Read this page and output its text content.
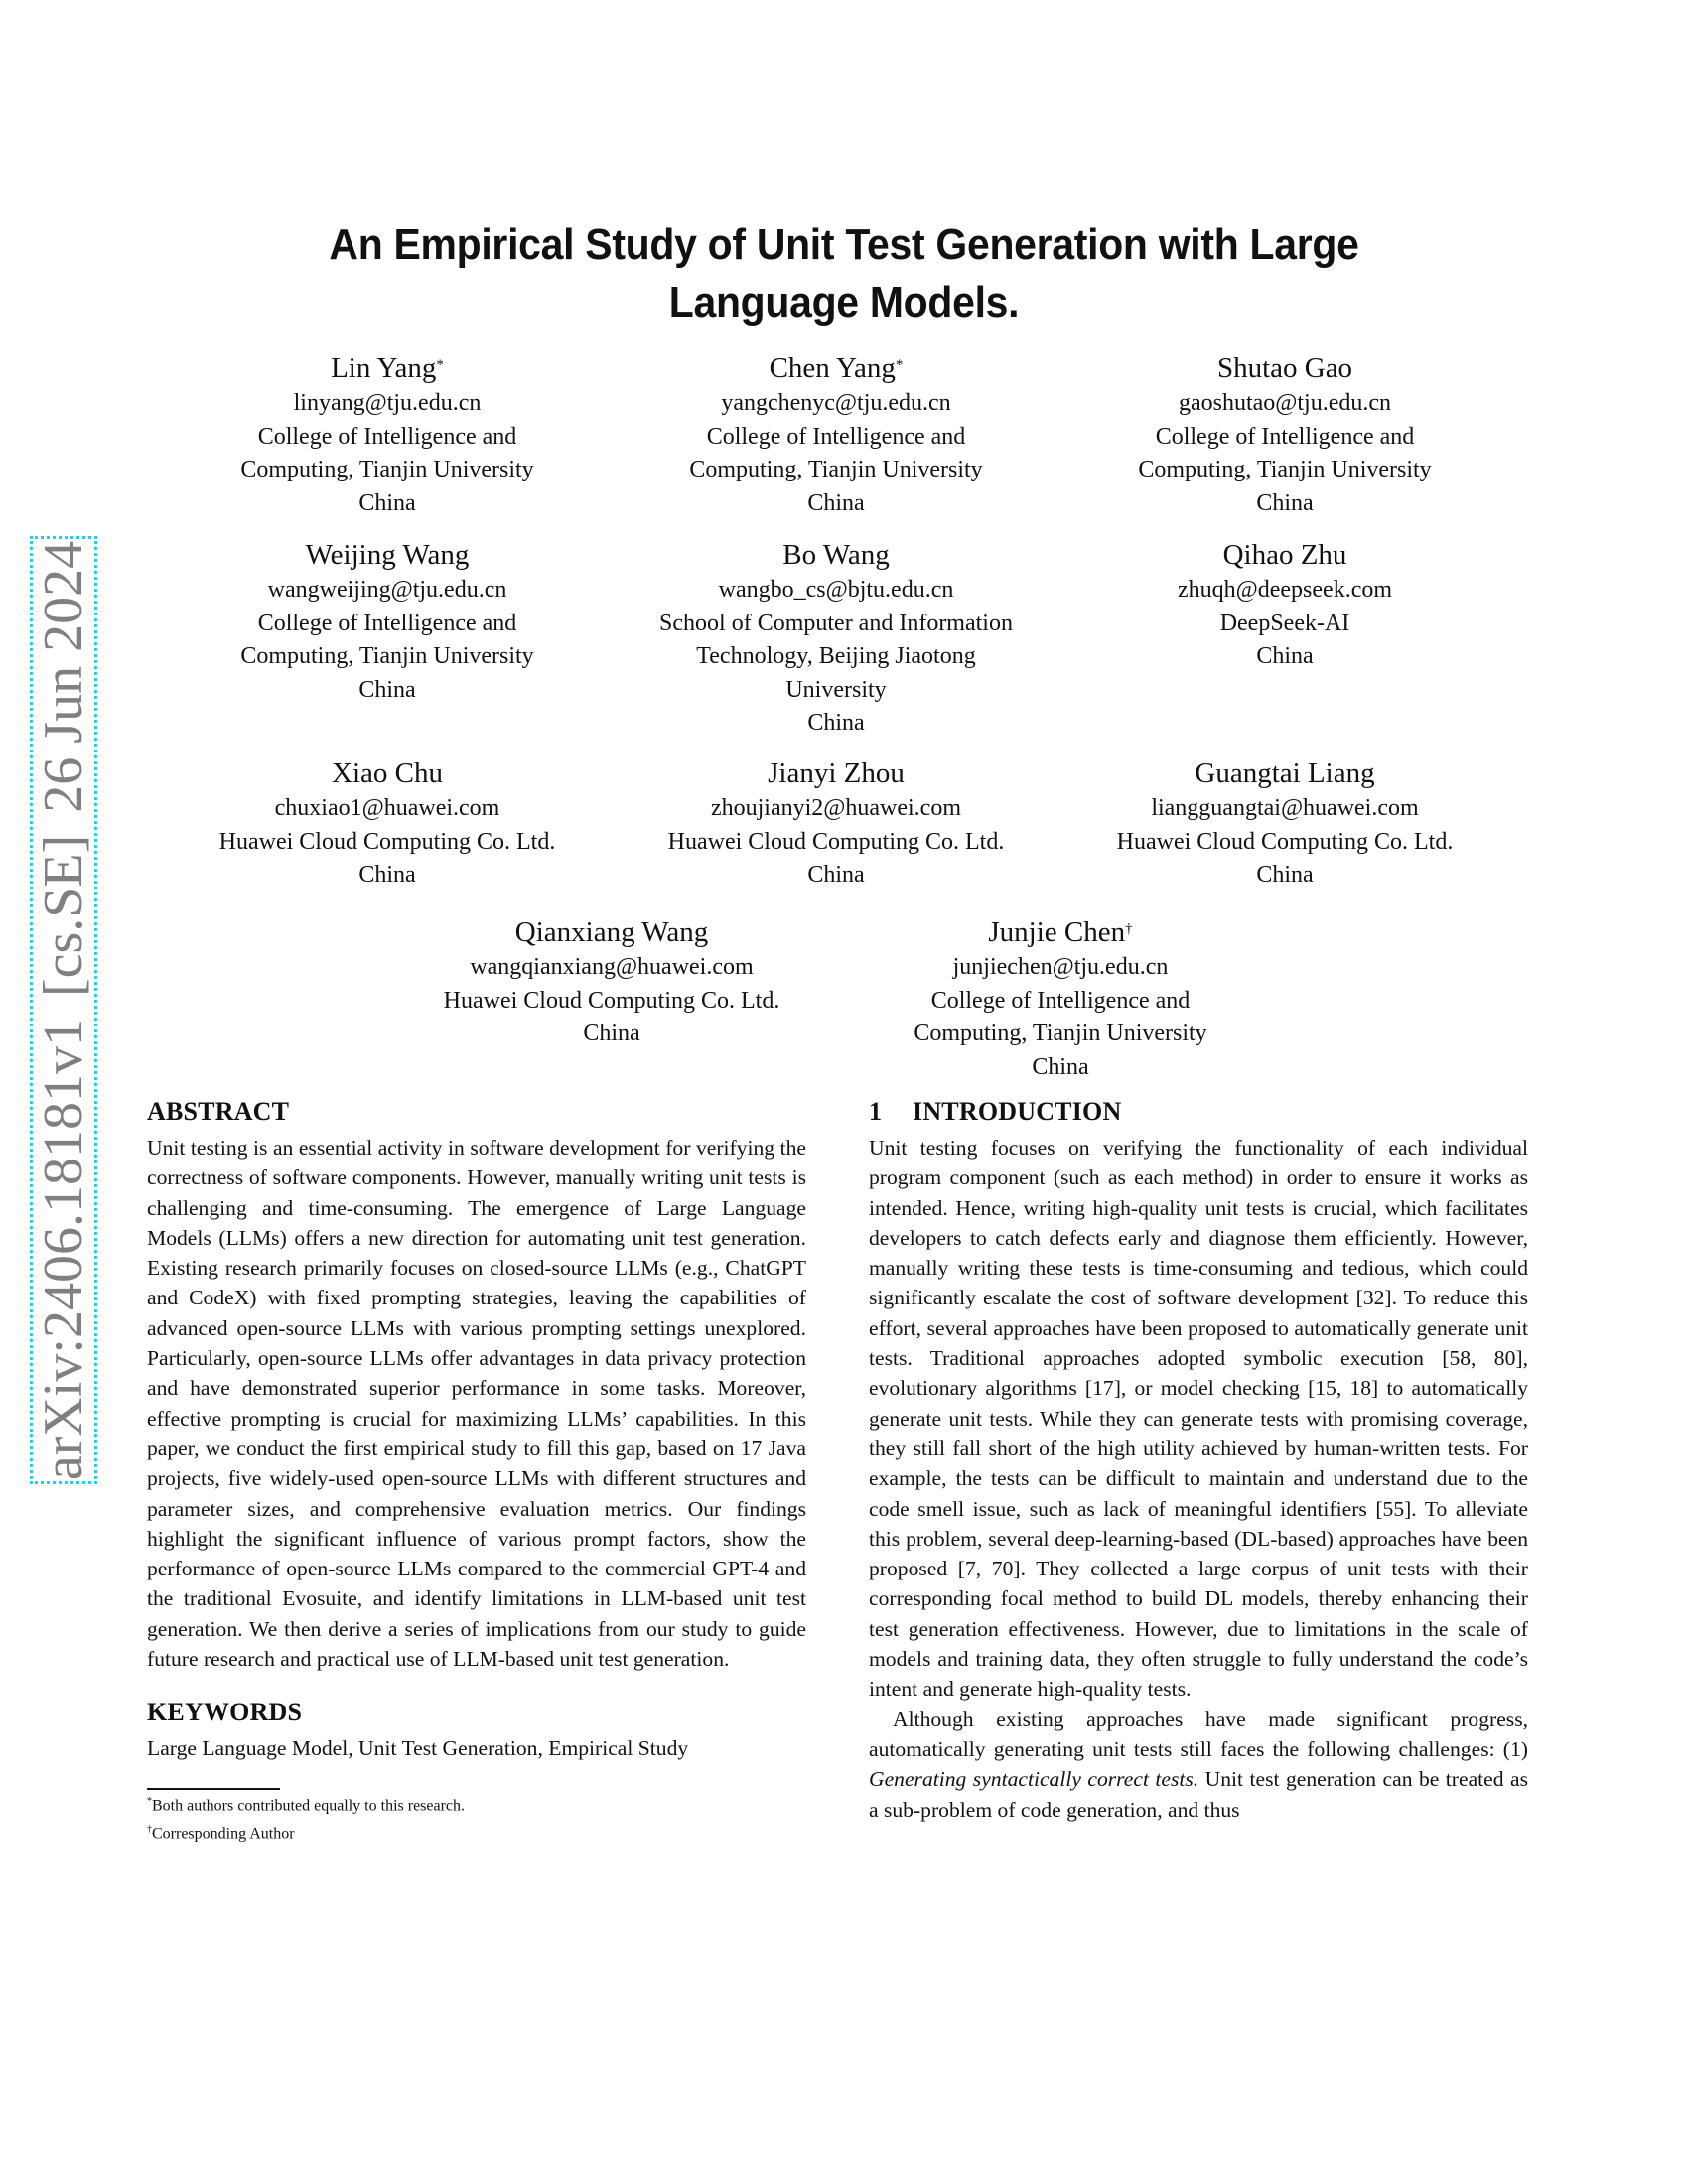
arXiv:2406.18181v1[cs.SE]26 Jun 2024
An Empirical Study of Unit Test Generation with Large
Language Models.
Lin Yang*
linyang@tju.edu.cn
College of Intelligence and
Computing, Tianjin University
China
Chen Yang*
yangchenyc@tju.edu.cn
College of Intelligence and
Computing, Tianjin University
China
Shutao Gao
gaoshutao@tju.edu.cn
College of Intelligence and
Computing, Tianjin University
China
Weijing Wang
wangweijing@tju.edu.cn
College of Intelligence and
Computing, Tianjin University
China
Bo Wang
wangbo_cs@bjtu.edu.cn
School of Computer and Information
Technology, Beijing Jiaotong
University
China
Qihao Zhu
zhuqh@deepseek.com
DeepSeek-AI
China
Xiao Chu
chuxiao1@huawei.com
Huawei Cloud Computing Co. Ltd.
China
Jianyi Zhou
zhoujianyi2@huawei.com
Huawei Cloud Computing Co. Ltd.
China
Guangtai Liang
liangguangtai@huawei.com
Huawei Cloud Computing Co. Ltd.
China
Qianxiang Wang
wangqianxiang@huawei.com
Huawei Cloud Computing Co. Ltd.
China
Junjie Chen†
junjiechen@tju.edu.cn
College of Intelligence and
Computing, Tianjin University
China
ABSTRACT

Unit testing is an essential activity in software development for verifying the correctness of software components. However, manually writing unit tests is challenging and time-consuming. The emergence of Large Language Models (LLMs) offers a new direction for automating unit test generation. Existing research primarily focuses on closed-source LLMs (e.g., ChatGPT and CodeX) with fixed prompting strategies, leaving the capabilities of advanced open-source LLMs with various prompting settings unexplored. Particularly, open-source LLMs offer advantages in data privacy protection and have demonstrated superior performance in some tasks. Moreover, effective prompting is crucial for maximizing LLMs’ capabilities. In this paper, we conduct the first empirical study to fill this gap, based on 17 Java projects, five widely-used open-source LLMs with different structures and parameter sizes, and comprehensive evaluation metrics. Our findings highlight the significant influence of various prompt factors, show the performance of open-source LLMs compared to the commercial GPT-4 and the traditional Evosuite, and identify limitations in LLM-based unit test generation. We then derive a series of implications from our study to guide future research and practical use of LLM-based unit test generation.

KEYWORDS

Large Language Model, Unit Test Generation, Empirical Study

*Both authors contributed equally to this research.
†Corresponding Author
1 INTRODUCTION

Unit testing focuses on verifying the functionality of each individual program component (such as each method) in order to ensure it works as intended. Hence, writing high-quality unit tests is crucial, which facilitates developers to catch defects early and diagnose them efficiently. However, manually writing these tests is time-consuming and tedious, which could significantly escalate the cost of software development [32]. To reduce this effort, several approaches have been proposed to automatically generate unit tests. Traditional approaches adopted symbolic execution [58, 80], evolutionary algorithms [17], or model checking [15, 18] to automatically generate unit tests. While they can generate tests with promising coverage, they still fall short of the high utility achieved by human-written tests. For example, the tests can be difficult to maintain and understand due to the code smell issue, such as lack of meaningful identifiers [55]. To alleviate this problem, several deep-learning-based (DL-based) approaches have been proposed [7, 70]. They collected a large corpus of unit tests with their corresponding focal method to build DL models, thereby enhancing their test generation effectiveness. However, due to limitations in the scale of models and training data, they often struggle to fully understand the code’s intent and generate high-quality tests.

Although existing approaches have made significant progress, automatically generating unit tests still faces the following challenges: (1) Generating syntactically correct tests. Unit test generation can be treated as a sub-problem of code generation, and thus
